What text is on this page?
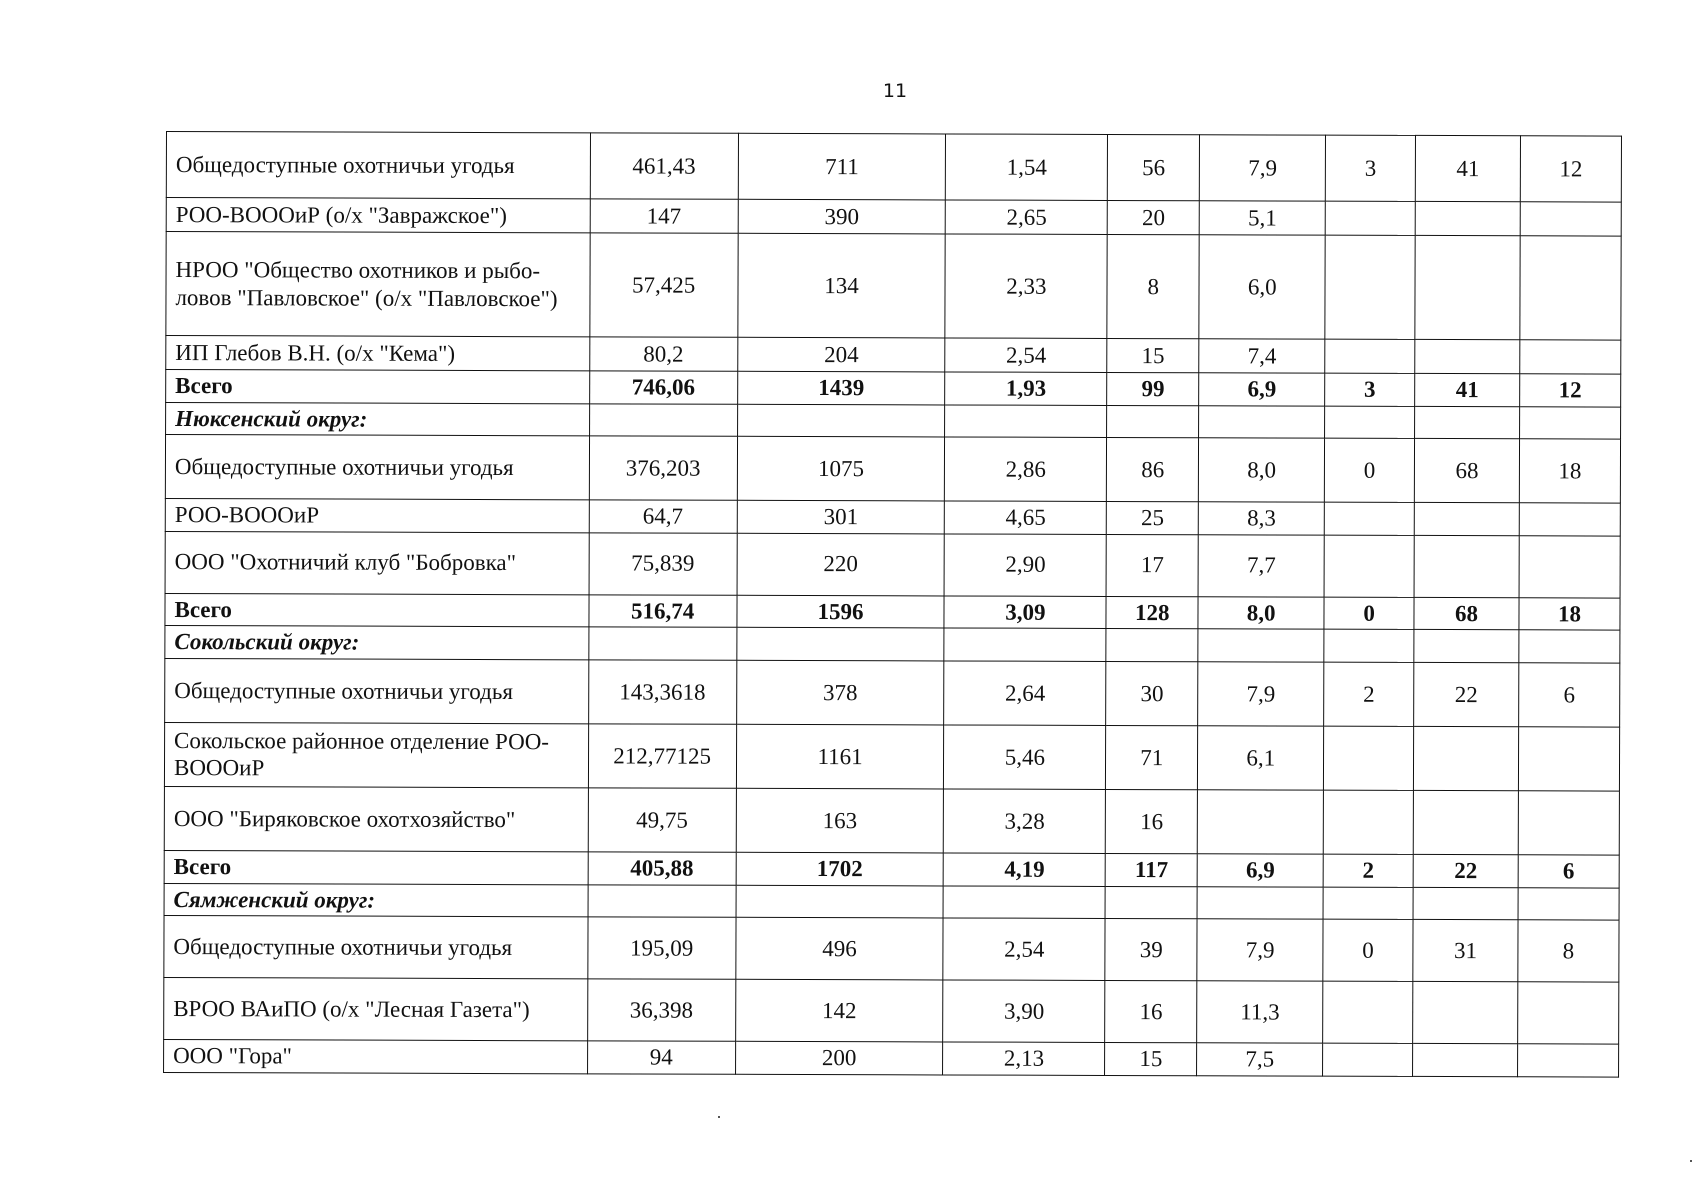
11
Общедоступные охотничьи угодья	461,43	711	1,54	56	7,9	3	41	12
РОО-ВОООиР (о/х "Завражское")	147	390	2,65	20	5,1			
НРОО "Общество охотников и рыбо-ловов "Павловское" (о/х "Павловское")	57,425	134	2,33	8	6,0			
ИП Глебов В.Н. (о/х "Кема")	80,2	204	2,54	15	7,4			
Всего	746,06	1439	1,93	99	6,9	3	41	12
Нюксенский округ:								
Общедоступные охотничьи угодья	376,203	1075	2,86	86	8,0	0	68	18
РОО-ВОООиР	64,7	301	4,65	25	8,3			
ООО "Охотничий клуб "Бобровка"	75,839	220	2,90	17	7,7			
Всего	516,74	1596	3,09	128	8,0	0	68	18
Сокольский округ:								
Общедоступные охотничьи угодья	143,3618	378	2,64	30	7,9	2	22	6
Сокольское районное отделение РОО-ВОООиР	212,77125	1161	5,46	71	6,1			
ООО "Биряковское охотхозяйство"	49,75	163	3,28	16				
Всего	405,88	1702	4,19	117	6,9	2	22	6
Сямженский округ:								
Общедоступные охотничьи угодья	195,09	496	2,54	39	7,9	0	31	8
ВРОО ВАиПО (о/х "Лесная Газета")	36,398	142	3,90	16	11,3			
ООО "Гора"	94	200	2,13	15	7,5			
